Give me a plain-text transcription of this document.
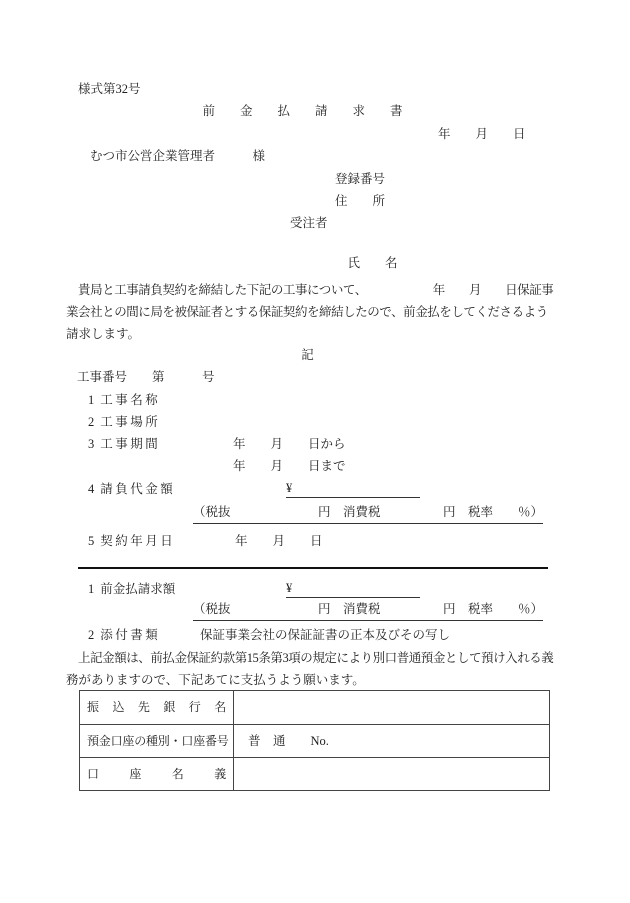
様式第32号
前金払請求書
年　　月　　日
むつ市公営企業管理者　　　様
登録番号
住　　所
受注者

氏　　名

　貴局と工事請負契約を締結した下記の工事について、　　　　　　年　　月　　日保証事
業会社との間に局を被保証者とする保証契約を締結したので、前金払をしてくださるよう
請求します。
記
工事番号　　第　　　号
1 工事名称
2 工事場所
3 工事期間	年　　月　　日から
年　　月　　日まで
4 請負代金額	¥
（税抜　　　　　　　円　消費税　　　　　円　税率　　％）
5 契約年月日	年　　月　　日
1 前金払請求額	¥
（税抜　　　　　　　円　消費税　　　　　円　税率　　％）
2 添付書類	保証事業会社の保証証書の正本及びその写し
　上記金額は、前払金保証約款第15条第3項の規定により別口普通預金として預け入れる義
務がありますので、下記あてに支払うよう願います。
振込先銀行名
預金口座の種別・口座番号	普　通　　No.
口座名義
